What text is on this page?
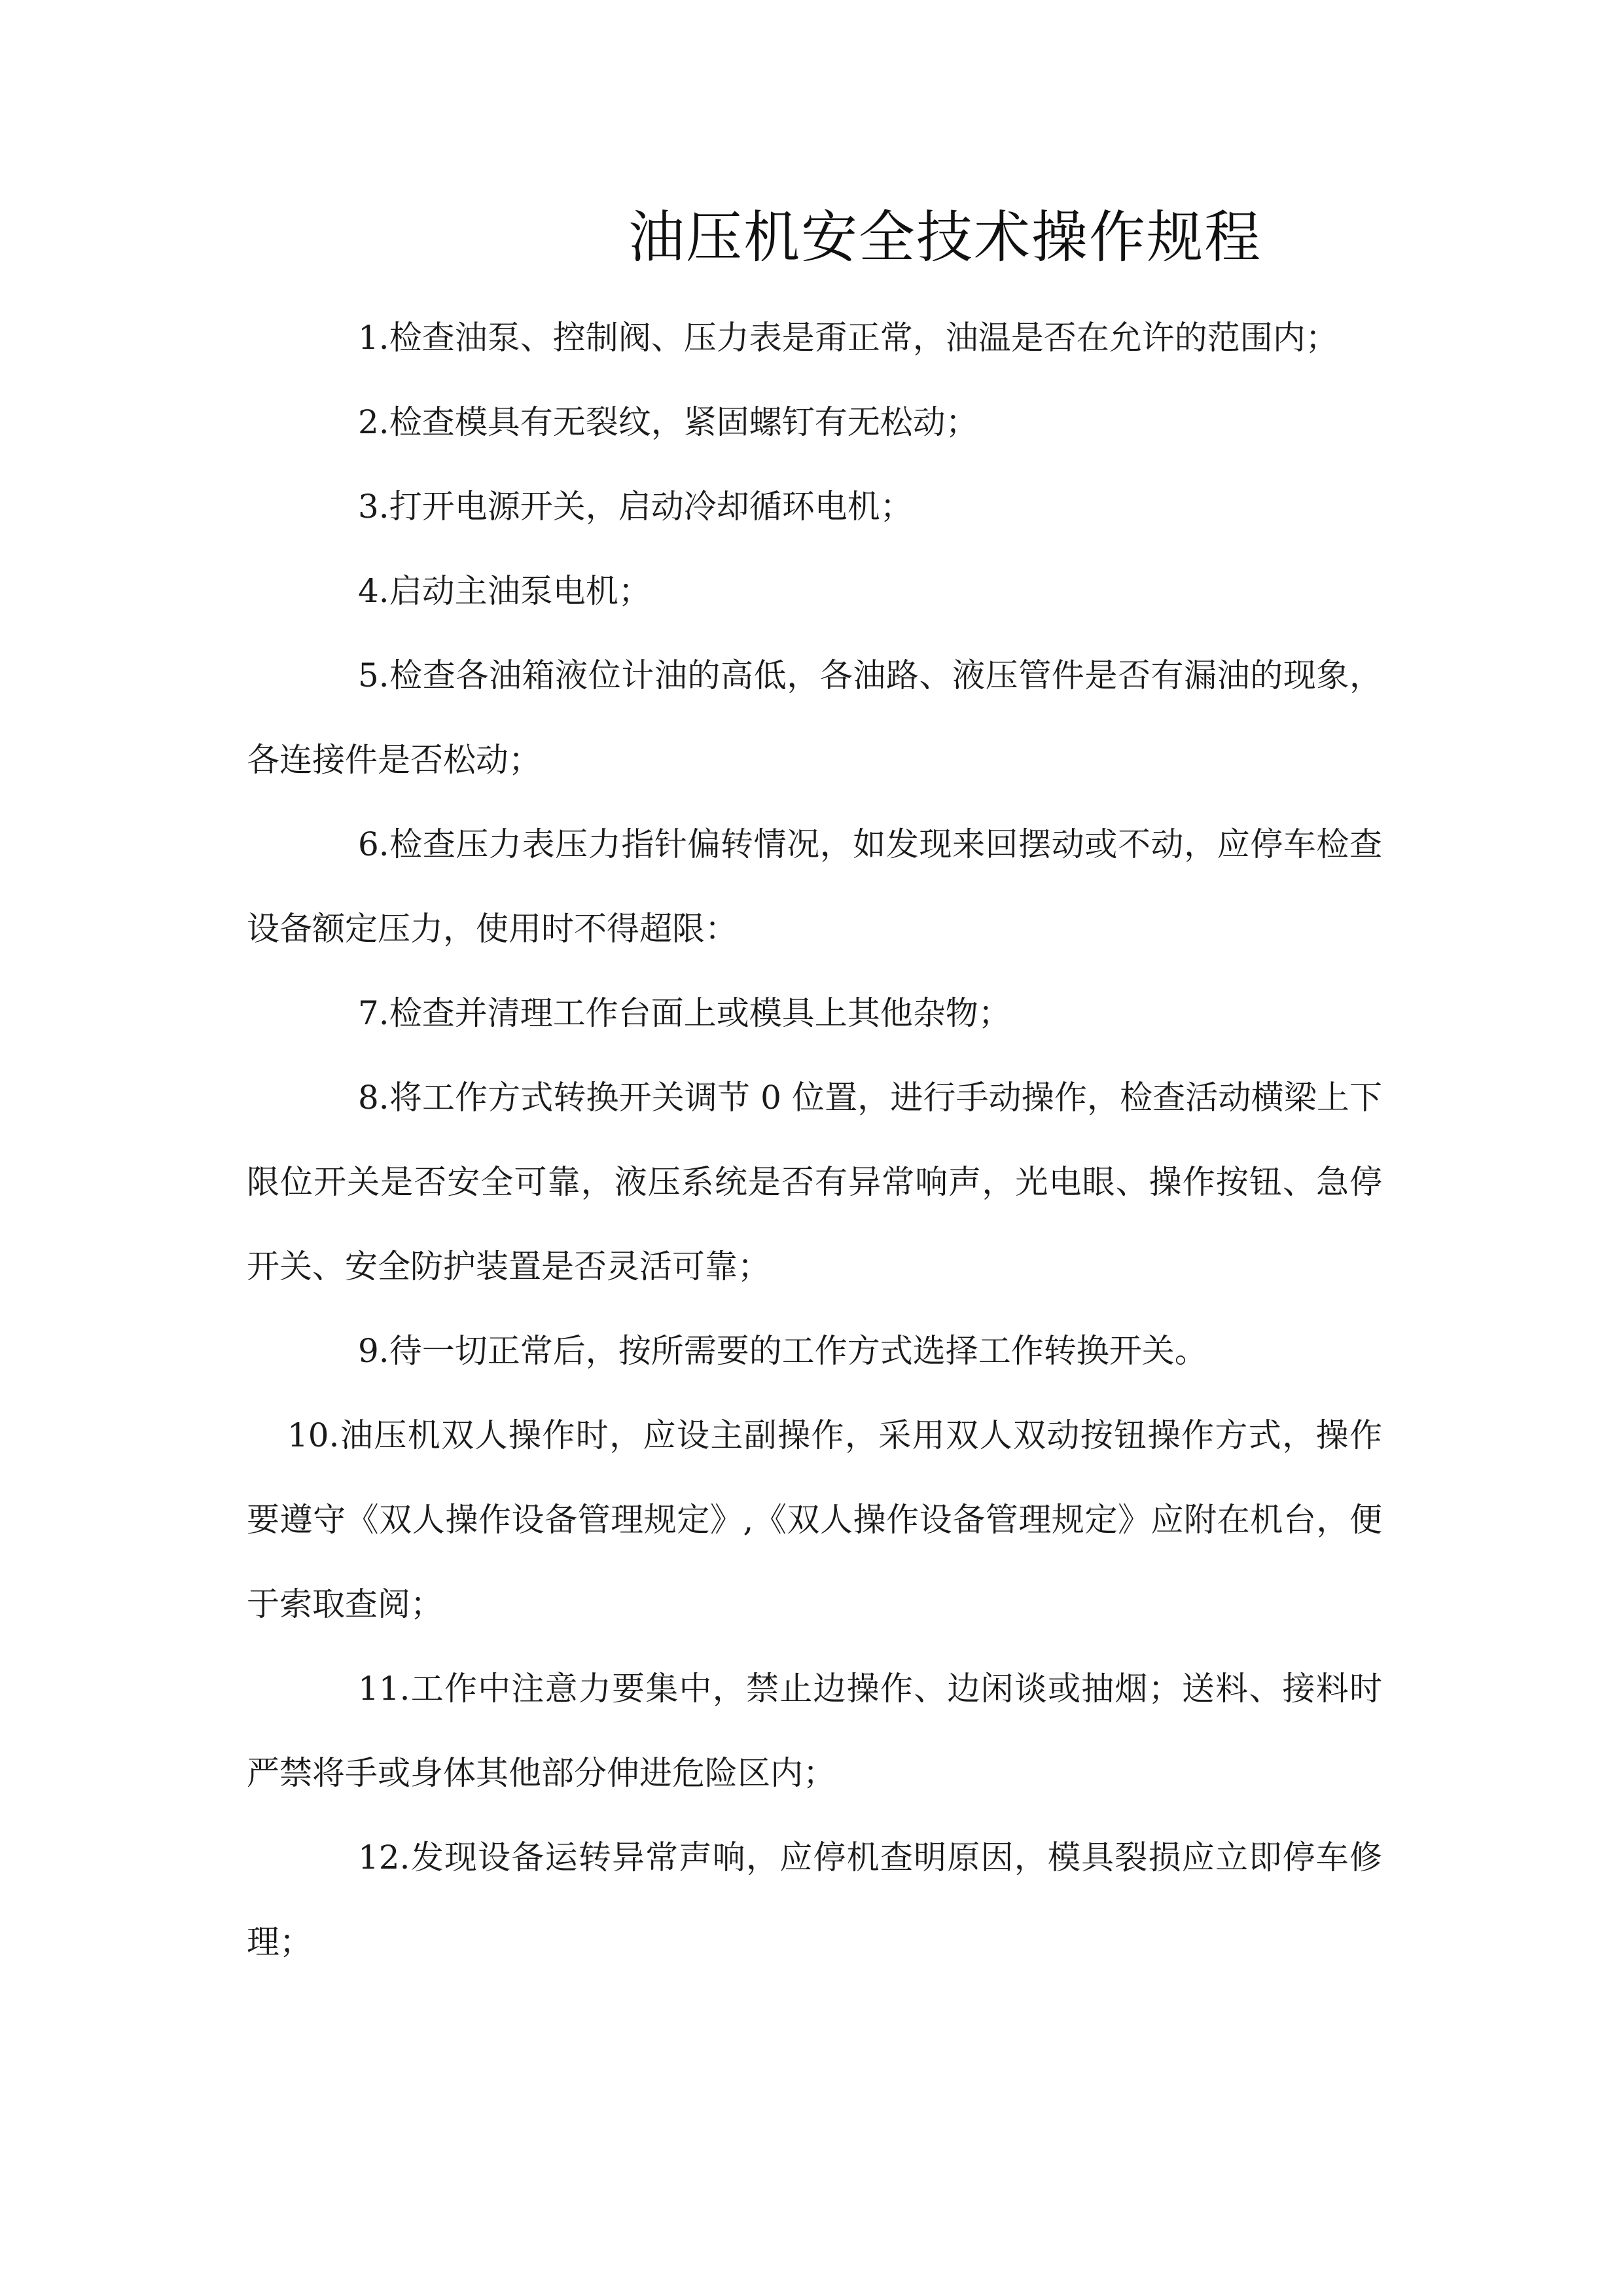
油压机安全技术操作规程

1.检查油泵、控制阀、压力表是甭正常，油温是否在允许的范围内；

2.检查模具有无裂纹，紧固螺钉有无松动；

3.打开电源开关，启动冷却循环电机；

4.启动主油泵电机；

5.检查各油箱液位计油的高低，各油路、液压管件是否有漏油的现象，各连接件是否松动；

6.检查压力表压力指针偏转情况，如发现来回摆动或不动，应停车检查设备额定压力，使用时不得超限：

7.检查并清理工作台面上或模具上其他杂物；

8.将工作方式转换开关调节 0 位置，进行手动操作，检查活动横梁上下限位开关是否安全可靠，液压系统是否有异常响声，光电眼、操作按钮、急停开关、安全防护装置是否灵活可靠；

9.待一切正常后，按所需要的工作方式选择工作转换开关。

10.油压机双人操作时，应设主副操作，采用双人双动按钮操作方式，操作要遵守《双人操作设备管理规定》,《双人操作设备管理规定》应附在机台，便于索取查阅；

11.工作中注意力要集中，禁止边操作、边闲谈或抽烟；送料、接料时严禁将手或身体其他部分伸进危险区内；

12.发现设备运转异常声响，应停机查明原因，模具裂损应立即停车修理；
